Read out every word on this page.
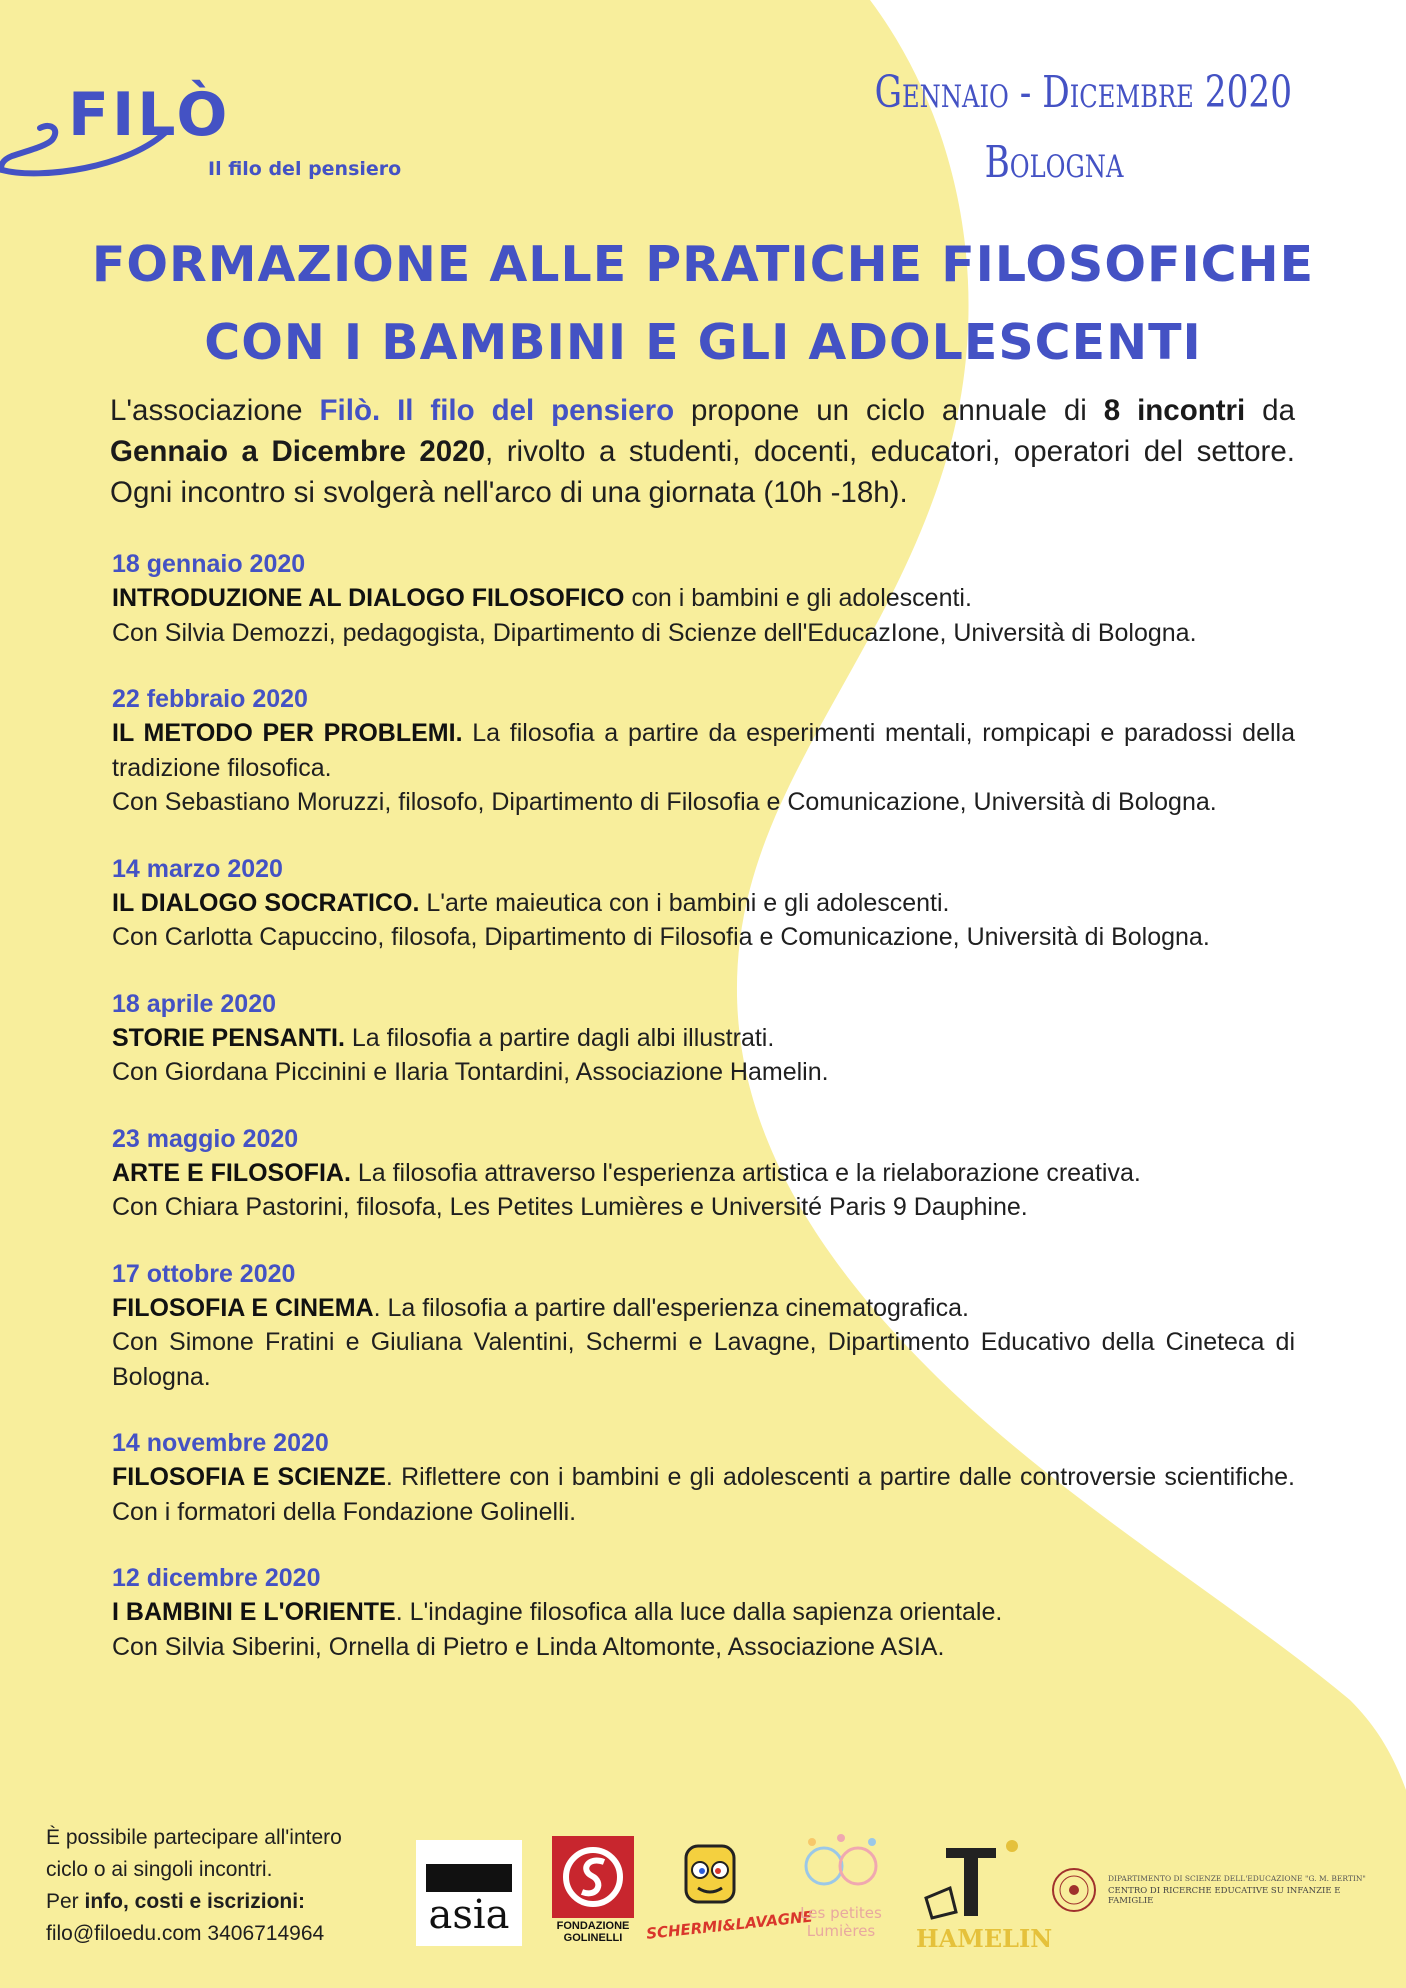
FILÒ
Il filo del pensiero
Gennaio - Dicembre 2020
Bologna
FORMAZIONE ALLE PRATICHE FILOSOFICHE
CON I BAMBINI E GLI ADOLESCENTI
L'associazione Filò. Il filo del pensiero propone un ciclo annuale di 8 incontri da Gennaio a Dicembre 2020, rivolto a studenti, docenti, educatori, operatori del settore. Ogni incontro si svolgerà nell'arco di una giornata (10h -18h).
18 gennaio 2020
INTRODUZIONE AL DIALOGO FILOSOFICO con i bambini e gli adolescenti.
Con Silvia Demozzi, pedagogista, Dipartimento di Scienze dell'EducazIone, Università di Bologna.
22 febbraio 2020
IL METODO PER PROBLEMI. La filosofia a partire da esperimenti mentali, rompicapi e paradossi della tradizione filosofica.
Con Sebastiano Moruzzi, filosofo, Dipartimento di Filosofia e Comunicazione, Università di Bologna.
14 marzo 2020
IL DIALOGO SOCRATICO. L'arte maieutica con i bambini e gli adolescenti.
Con Carlotta Capuccino, filosofa, Dipartimento di Filosofia e Comunicazione, Università di Bologna.
18 aprile 2020
STORIE PENSANTI. La filosofia a partire dagli albi illustrati.
Con Giordana Piccinini e Ilaria Tontardini, Associazione Hamelin.
23 maggio 2020
ARTE E FILOSOFIA. La filosofia attraverso l'esperienza artistica e la rielaborazione creativa.
Con Chiara Pastorini, filosofa, Les Petites Lumières e Université Paris 9 Dauphine.
17 ottobre 2020
FILOSOFIA E CINEMA. La filosofia a partire dall'esperienza cinematografica.
Con Simone Fratini e Giuliana Valentini, Schermi e Lavagne, Dipartimento Educativo della Cineteca di Bologna.
14 novembre 2020
FILOSOFIA E SCIENZE. Riflettere con i bambini e gli adolescenti a partire dalle controversie scientifiche. Con i formatori della Fondazione Golinelli.
12 dicembre 2020
I BAMBINI E L'ORIENTE. L'indagine filosofica alla luce dalla sapienza orientale.
Con Silvia Siberini, Ornella di Pietro e Linda Altomonte, Associazione ASIA.
È possibile partecipare all'intero
ciclo o ai singoli incontri.
Per info, costi e iscrizioni:
filo@filoedu.com 3406714964	asia	FONDAZIONE GOLINELLI	SCHERMI&LAVAGNE
Les petites
Lumières	HAMELIN
DIPARTIMENTO DI SCIENZE DELL'EDUCAZIONE "G. M. BERTIN"
CENTRO DI RICERCHE EDUCATIVE SU INFANZIE E FAMIGLIE
